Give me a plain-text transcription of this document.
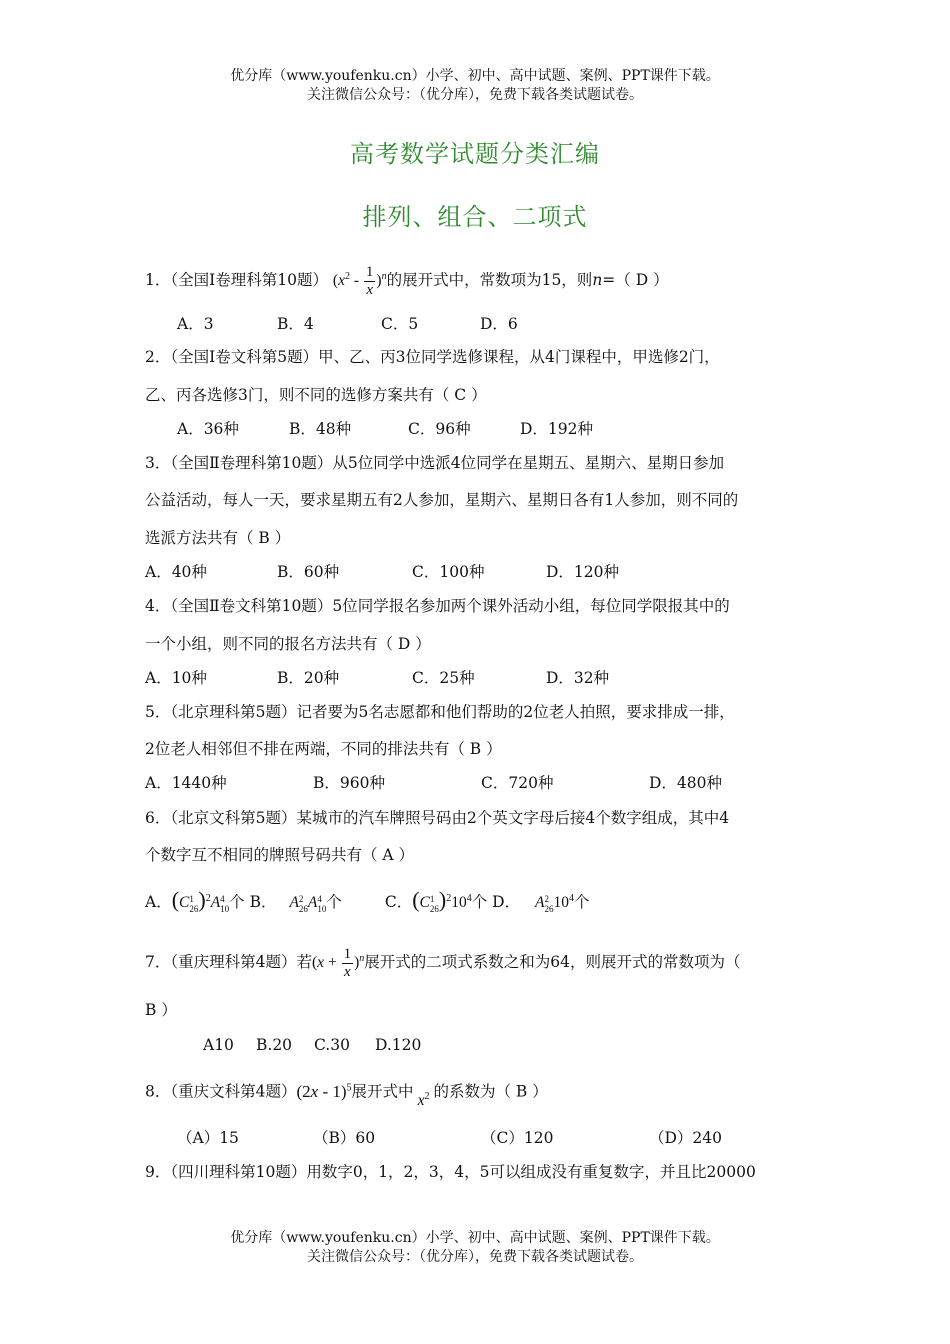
优分库（www.youfenku.cn）小学、初中、高中试题、案例、PPT课件下载。
关注微信公众号：（优分库），免费下载各类试题试卷。
高考数学试题分类汇编
排列、组合、二项式
1．（全国Ⅰ卷理科第10题） $(x^2 - \frac{1}{x} )^n$的展开式中，常数项为15，则n=（ D ）
A．3	B．4	C．5	D．6
2．（全国Ⅰ卷文科第5题）甲、乙、丙3位同学选修课程，从4门课程中，甲选修2门，
乙、丙各选修3门，则不同的选修方案共有（ C ）
A．36种	B．48种	C．96种	D．192种
3．（全国Ⅱ卷理科第10题）从5位同学中选派4位同学在星期五、星期六、星期日参加
公益活动，每人一天，要求星期五有2人参加，星期六、星期日各有1人参加，则不同的
选派方法共有（ B ）
A．40种	B．60种	C．100种	D．120种
4．（全国Ⅱ卷文科第10题）5位同学报名参加两个课外活动小组，每位同学限报其中的
一个小组，则不同的报名方法共有（ D ）
A．10种	B．20种	C．25种	D．32种
5．（北京理科第5题）记者要为5名志愿都和他们帮助的2位老人拍照，要求排成一排，
2位老人相邻但不排在两端，不同的排法共有（ B ）
A．1440种	B．960种	C．720种	D．480种
6．（北京文科第5题）某城市的汽车牌照号码由2个英文字母后接4个数字组成，其中4
个数字互不相同的牌照号码共有（ A ）
A．(C 1
26 )$^2$A 4
10 个 B． A 2
26 A 4
10 个	C．(C 1
26 )$^210^4$个 D． A 2
26 $10^4$个
7．（重庆理科第4题）若$(x + \frac{1}{x} )^n$展开式的二项式系数之和为64，则展开式的常数项为（
B ）
A10 B.20 C.30 D.120
8．（重庆文科第4题）(2x - 1)$^5$展开式中 $x^2$ 的系数为（ B ）
（A）15	（B）60	（C）120	（D）240
9．（四川理科第10题）用数字0，1，2，3，4，5可以组成没有重复数字，并且比20000
优分库（www.youfenku.cn）小学、初中、高中试题、案例、PPT课件下载。
关注微信公众号：（优分库），免费下载各类试题试卷。
